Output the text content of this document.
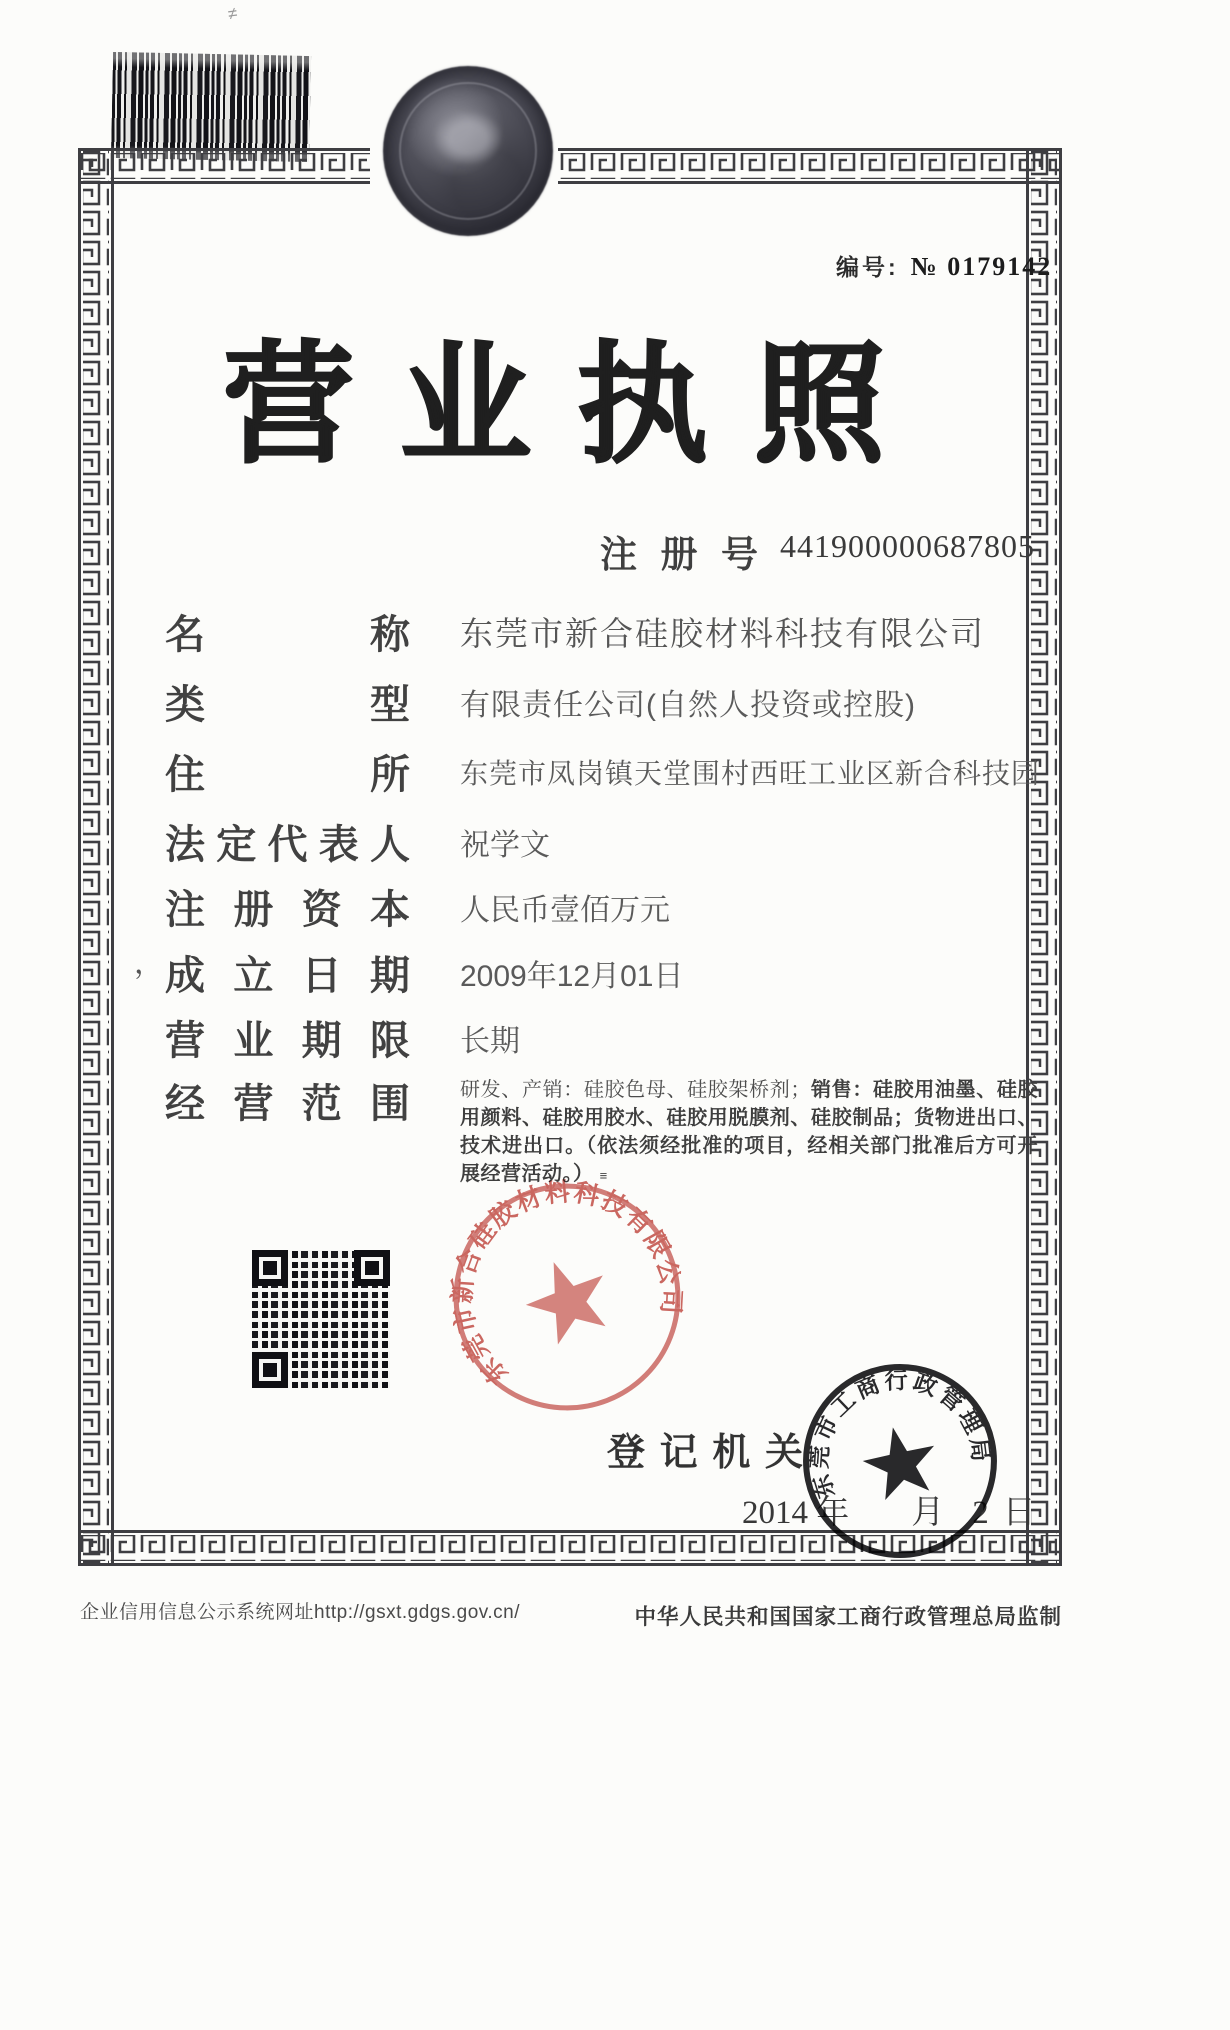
≠
编号: № 0179142
营 业 执 照
注 册 号 441900000687805
名	称 东莞市新合硅胶材料科技有限公司
类	型 有限责任公司(自然人投资或控股)
住	所 东莞市凤岗镇天堂围村西旺工业区新合科技园
法 定 代 表 人 祝学文
注 册 资 本 人民币壹佰万元
， 成 立 日 期 2009年12月01日
营 业 期 限 长期
经 营 范 围	研发、产销：硅胶色母、硅胶架桥剂；销售：硅胶用油墨、硅胶用颜料、硅胶用胶水、硅胶用脱膜剂、硅胶制品；货物进出口、技术进出口。（依法须经批准的项目，经相关部门批准后方可开展经营活动。） ≡
东莞市新合硅胶材料科技有限公司
登 记 机 关
2014 年 月 2 日
东莞市工商行政管理局
企业信用信息公示系统网址http://gsxt.gdgs.gov.cn/	中华人民共和国国家工商行政管理总局监制
